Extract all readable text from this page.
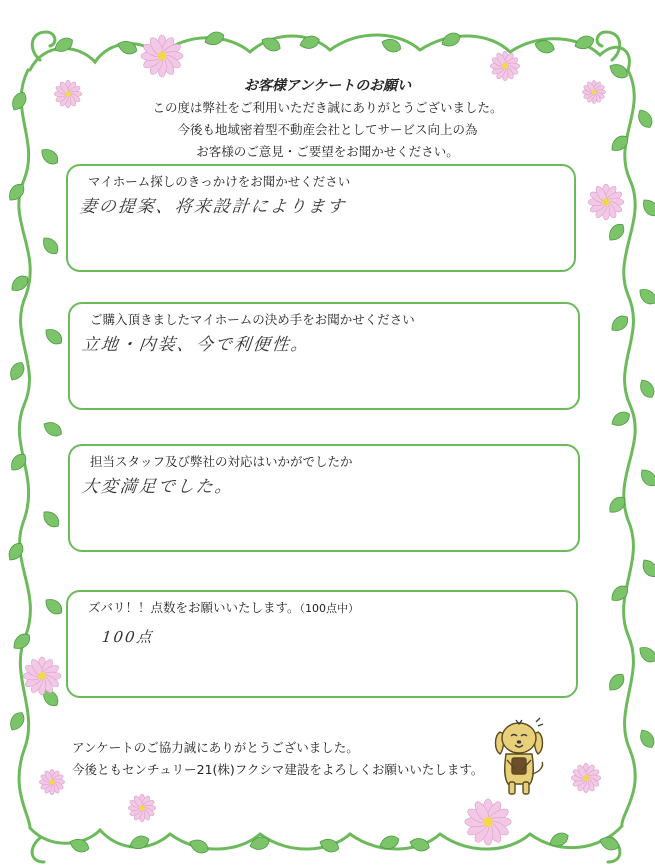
お客様アンケートのお願い
この度は弊社をご利用いただき誠にありがとうございました。
今後も地域密着型不動産会社としてサービス向上の為
お客様のご意見・ご要望をお聞かせください。
マイホーム探しのきっかけをお聞かせください
妻の提案、将来設計によります
ご購入頂きましたマイホームの決め手をお聞かせください
立地・内装、今で利便性。
担当スタッフ及び弊社の対応はいかがでしたか
大変満足でした。
ズバリ！！点数をお願いいたします。（100点中）
100点
アンケートのご協力誠にありがとうございました。
今後ともセンチュリー21(株)フクシマ建設をよろしくお願いいたします。
